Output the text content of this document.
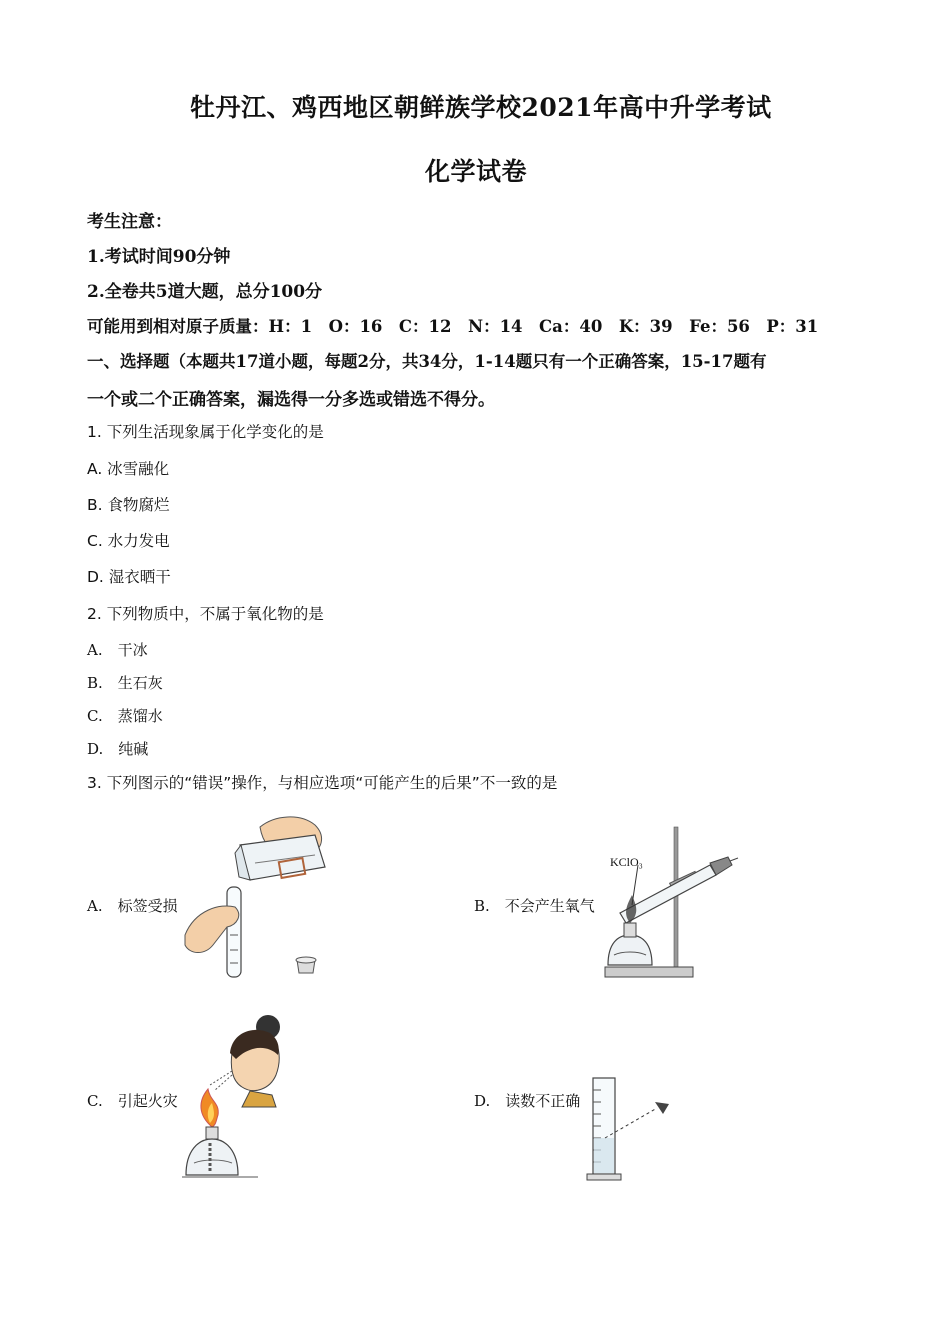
牡丹江、鸡西地区朝鲜族学校2021年高中升学考试
化学试卷
考生注意：
1.考试时间90分钟
2.全卷共5道大题，总分100分
可能用到相对原子质量：H：1　O：16　C：12　N：14　Ca：40　K：39　Fe：56　P：31
一、选择题（本题共17道小题，每题2分，共34分，1-14题只有一个正确答案，15-17题有
一个或二个正确答案，漏选得一分多选或错选不得分。
1. 下列生活现象属于化学变化的是
A. 冰雪融化
B. 食物腐烂
C. 水力发电
D. 湿衣晒干
2. 下列物质中，不属于氧化物的是
A.　干冰
B.　生石灰
C.　蒸馏水
D.　纯碱
3. 下列图示的“错误”操作，与相应选项“可能产生的后果”不一致的是
A.　标签受损	B.　不会产生氧气
C.　引起火灾	D.　读数不正确
KClO₃
